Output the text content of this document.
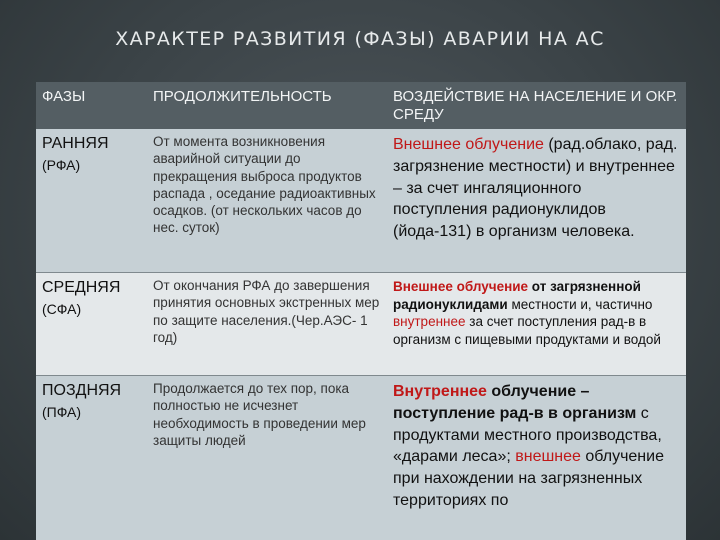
ХАРАКТЕР РАЗВИТИЯ (ФАЗЫ) АВАРИИ НА АС
ФАЗЫ	ПРОДОЛЖИТЕЛЬНОСТЬ	ВОЗДЕЙСТВИЕ НА НАСЕЛЕНИЕ И ОКР. СРЕДУ
РАННЯЯ
(РФА)
От момента возникновения аварийной ситуации до прекращения выброса продуктов распада , оседание радиоактивных осадков. (от нескольких часов до нес. суток)
Внешнее облучение (рад.облако, рад. загрязнение местности) и внутреннее – за счет ингаляционного поступления радионуклидов (йода-131) в организм человека.
СРЕДНЯЯ
(СФА)
От окончания РФА до завершения принятия основных экстренных мер по защите населения.(Чер.АЭС- 1 год)
Внешнее облучение от загрязненной радионуклидами местности и, частично внутреннее за счет поступления рад-в в организм с пищевыми продуктами и водой
ПОЗДНЯЯ
(ПФА)
Продолжается до тех пор, пока полностью не исчезнет необходимость в проведении мер защиты людей
Внутреннее облучение – поступление рад-в в организм с продуктами местного производства, «дарами леса»; внешнее облучение при нахождении на загрязненных территориях по
